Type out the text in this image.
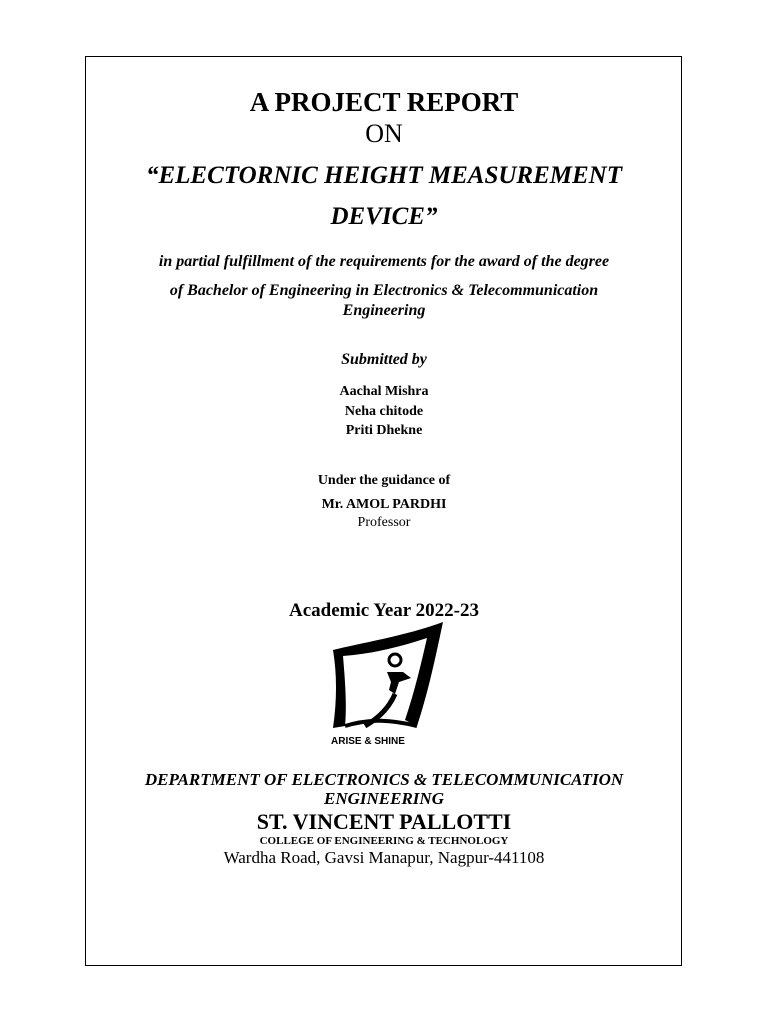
A PROJECT REPORT
ON
“ELECTORNIC HEIGHT MEASUREMENT
DEVICE”
in partial fulfillment of the requirements for the award of the degree
of Bachelor of Engineering in Electronics & Telecommunication
Engineering
Submitted by
Aachal Mishra
Neha chitode
Priti Dhekne
Under the guidance of
Mr. AMOL PARDHI
Professor
Academic Year 2022-23
ARISE & SHINE
DEPARTMENT OF ELECTRONICS & TELECOMMUNICATION
ENGINEERING
ST. VINCENT PALLOTTI
COLLEGE OF ENGINEERING & TECHNOLOGY
Wardha Road, Gavsi Manapur, Nagpur-441108
